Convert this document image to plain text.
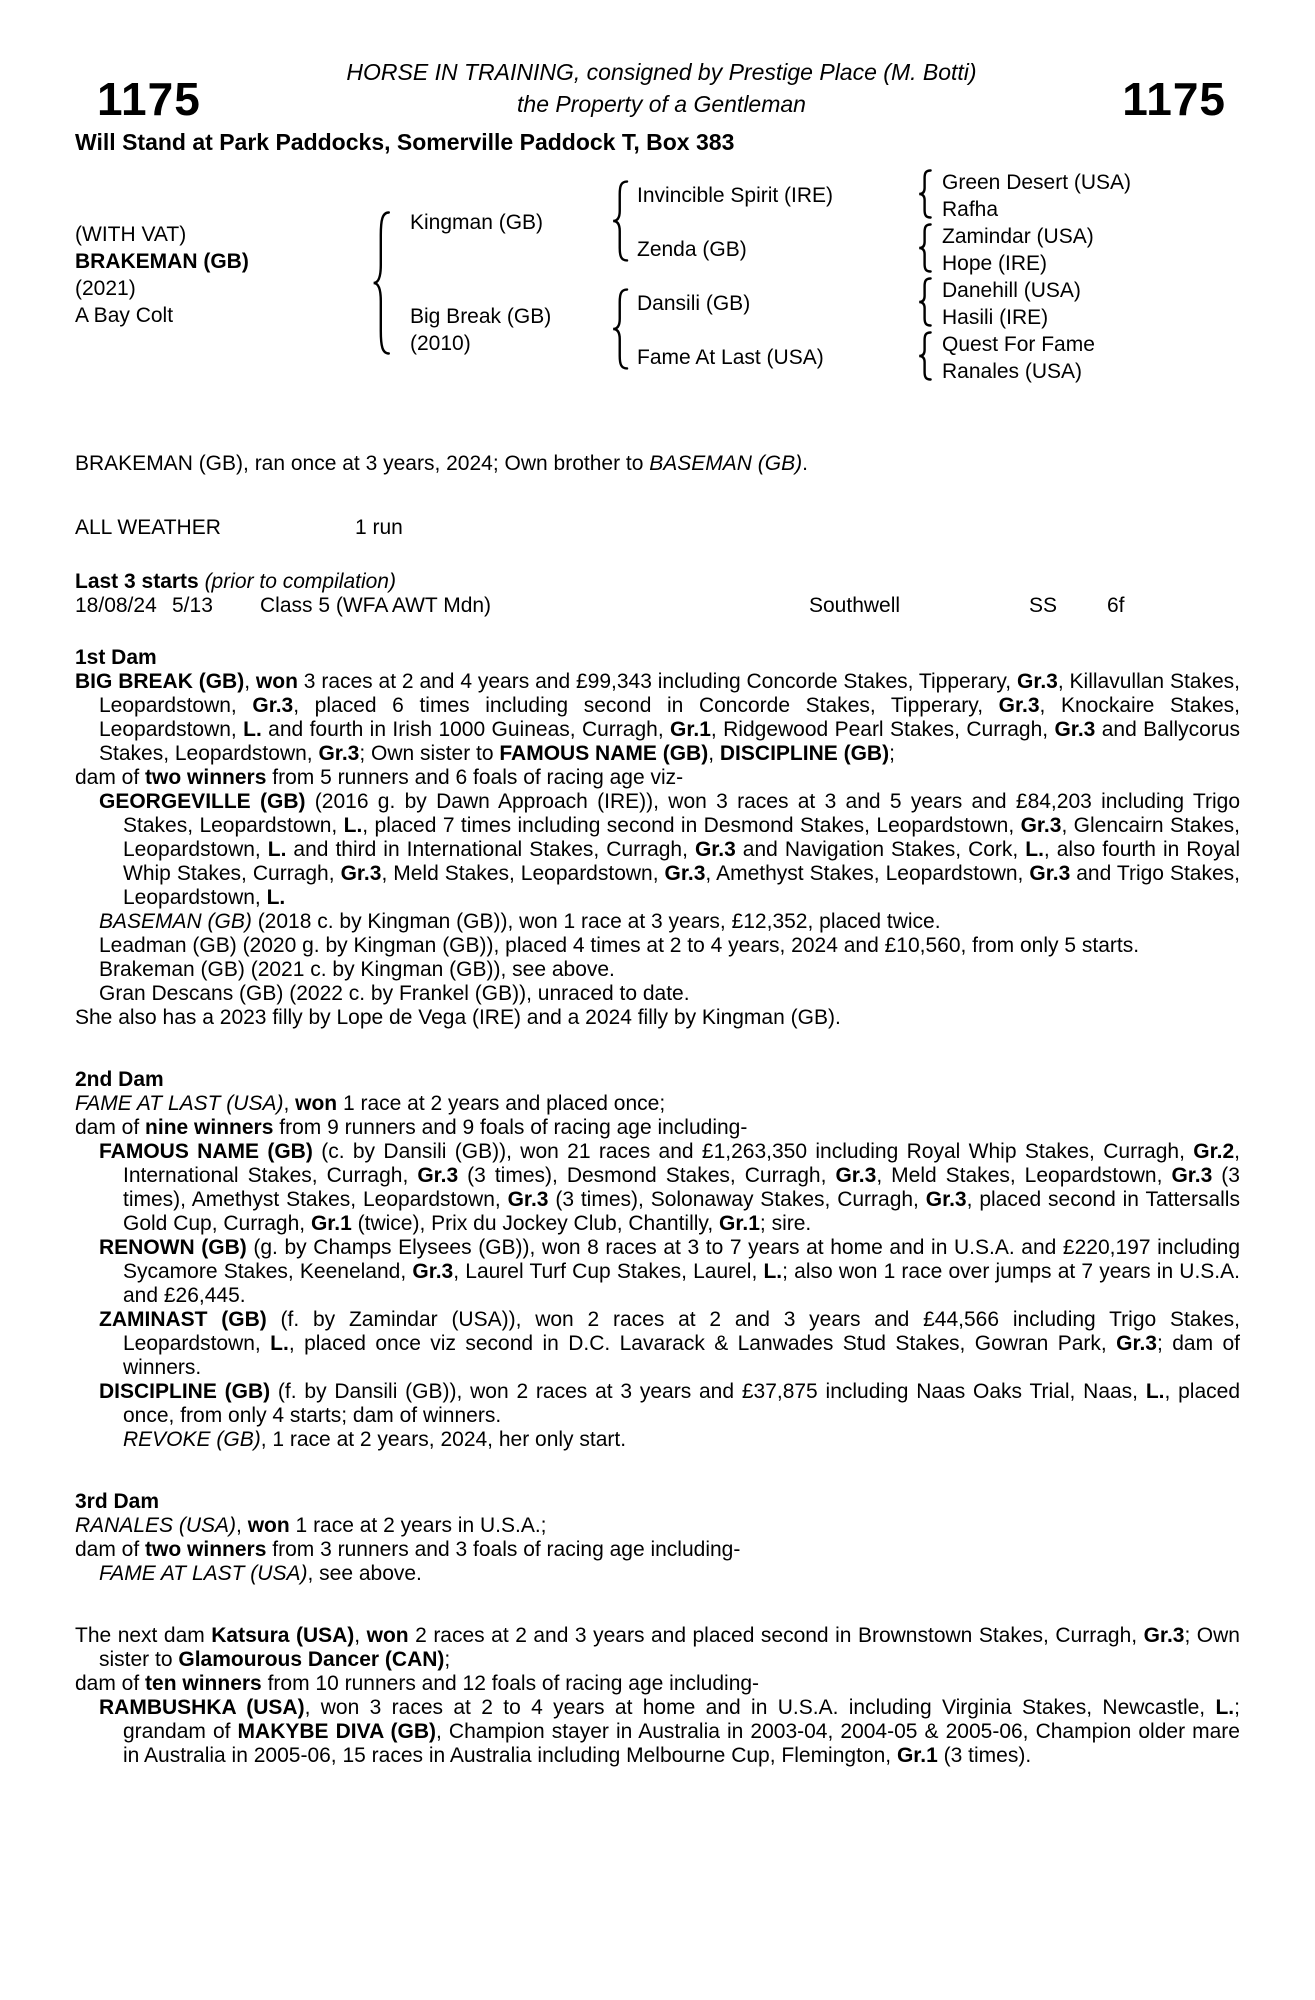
1175
HORSE IN TRAINING, consigned by Prestige Place (M. Botti)
the Property of a Gentleman	1175
Will Stand at Park Paddocks, Somerville Paddock T, Box 383
(WITH VAT)
BRAKEMAN (GB)
(2021)
A Bay Colt
Kingman (GB)
Big Break (GB)
(2010)
Invincible Spirit (IRE)
Zenda (GB)
Dansili (GB)
Fame At Last (USA)
Green Desert (USA)
Rafha
Zamindar (USA)
Hope (IRE)
Danehill (USA)
Hasili (IRE)
Quest For Fame
Ranales (USA)
BRAKEMAN (GB), ran once at 3 years, 2024; Own brother to BASEMAN (GB).
ALL WEATHER	1 run
Last 3 starts (prior to compilation)
18/08/24 5/13 Class 5 (WFA AWT Mdn)	Southwell	SS 6f
1st Dam

BIG BREAK (GB), won 3 races at 2 and 4 years and £99,343 including Concorde Stakes, Tipperary, Gr.3, Killavullan Stakes, Leopardstown, Gr.3, placed 6 times including second in Concorde Stakes, Tipperary, Gr.3, Knockaire Stakes, Leopardstown, L. and fourth in Irish 1000 Guineas, Curragh, Gr.1, Ridgewood Pearl Stakes, Curragh, Gr.3 and Ballycorus Stakes, Leopardstown, Gr.3; Own sister to FAMOUS NAME (GB), DISCIPLINE (GB);

dam of two winners from 5 runners and 6 foals of racing age viz-

GEORGEVILLE (GB) (2016 g. by Dawn Approach (IRE)), won 3 races at 3 and 5 years and £84,203 including Trigo Stakes, Leopardstown, L., placed 7 times including second in Desmond Stakes, Leopardstown, Gr.3, Glencairn Stakes, Leopardstown, L. and third in International Stakes, Curragh, Gr.3 and Navigation Stakes, Cork, L., also fourth in Royal Whip Stakes, Curragh, Gr.3, Meld Stakes, Leopardstown, Gr.3, Amethyst Stakes, Leopardstown, Gr.3 and Trigo Stakes, Leopardstown, L.

BASEMAN (GB) (2018 c. by Kingman (GB)), won 1 race at 3 years, £12,352, placed twice.

Leadman (GB) (2020 g. by Kingman (GB)), placed 4 times at 2 to 4 years, 2024 and £10,560, from only 5 starts.

Brakeman (GB) (2021 c. by Kingman (GB)), see above.

Gran Descans (GB) (2022 c. by Frankel (GB)), unraced to date.

She also has a 2023 filly by Lope de Vega (IRE) and a 2024 filly by Kingman (GB).

2nd Dam

FAME AT LAST (USA), won 1 race at 2 years and placed once;

dam of nine winners from 9 runners and 9 foals of racing age including-

FAMOUS NAME (GB) (c. by Dansili (GB)), won 21 races and £1,263,350 including Royal Whip Stakes, Curragh, Gr.2, International Stakes, Curragh, Gr.3 (3 times), Desmond Stakes, Curragh, Gr.3, Meld Stakes, Leopardstown, Gr.3 (3 times), Amethyst Stakes, Leopardstown, Gr.3 (3 times), Solonaway Stakes, Curragh, Gr.3, placed second in Tattersalls Gold Cup, Curragh, Gr.1 (twice), Prix du Jockey Club, Chantilly, Gr.1; sire.

RENOWN (GB) (g. by Champs Elysees (GB)), won 8 races at 3 to 7 years at home and in U.S.A. and £220,197 including Sycamore Stakes, Keeneland, Gr.3, Laurel Turf Cup Stakes, Laurel, L.; also won 1 race over jumps at 7 years in U.S.A. and £26,445.

ZAMINAST (GB) (f. by Zamindar (USA)), won 2 races at 2 and 3 years and £44,566 including Trigo Stakes, Leopardstown, L., placed once viz second in D.C. Lavarack & Lanwades Stud Stakes, Gowran Park, Gr.3; dam of winners.

DISCIPLINE (GB) (f. by Dansili (GB)), won 2 races at 3 years and £37,875 including Naas Oaks Trial, Naas, L., placed once, from only 4 starts; dam of winners.

REVOKE (GB), 1 race at 2 years, 2024, her only start.

3rd Dam

RANALES (USA), won 1 race at 2 years in U.S.A.;

dam of two winners from 3 runners and 3 foals of racing age including-

FAME AT LAST (USA), see above.

The next dam Katsura (USA), won 2 races at 2 and 3 years and placed second in Brownstown Stakes, Curragh, Gr.3; Own sister to Glamourous Dancer (CAN);

dam of ten winners from 10 runners and 12 foals of racing age including-

RAMBUSHKA (USA), won 3 races at 2 to 4 years at home and in U.S.A. including Virginia Stakes, Newcastle, L.; grandam of MAKYBE DIVA (GB), Champion stayer in Australia in 2003-04, 2004-05 & 2005-06, Champion older mare in Australia in 2005-06, 15 races in Australia including Melbourne Cup, Flemington, Gr.1 (3 times).
